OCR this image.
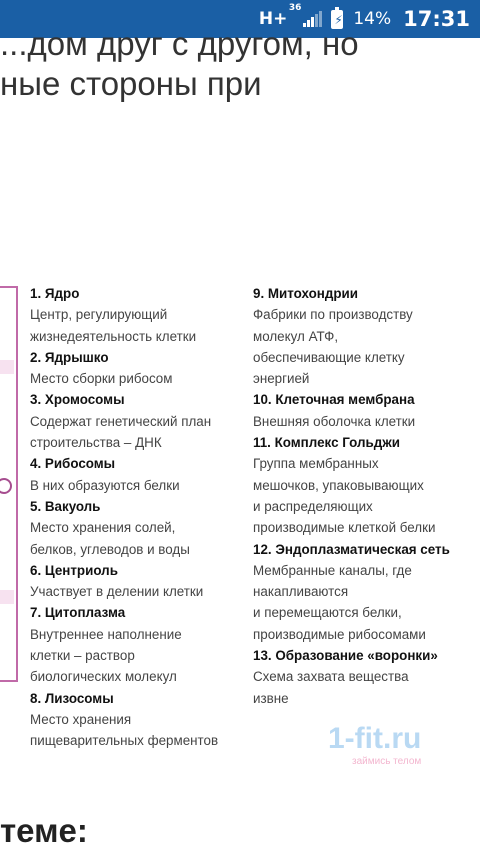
H+
36
⚡ 14% 17:31
...дом друг с другом, но
ные стороны при
1. Ядро
Центр, регулирующий
жизнедеятельность клетки
2. Ядрышко
Место сборки рибосом
3. Хромосомы
Содержат генетический план
строительства – ДНК
4. Рибосомы
В них образуются белки
5. Вакуоль
Место хранения солей,
белков, углеводов и воды
6. Центриоль
Участвует в делении клетки
7. Цитоплазма
Внутреннее наполнение
клетки – раствор
биологических молекул
8. Лизосомы
Место хранения
пищеварительных ферментов
9. Митохондрии
Фабрики по производству
молекул АТФ,
обеспечивающие клетку
энергией
10. Клеточная мембрана
Внешняя оболочка клетки
11. Комплекс Гольджи
Группа мембранных
мешочков, упаковывающих
и распределяющих
производимые клеткой белки
12. Эндоплазматическая сеть
Мембранные каналы, где
накапливаются
и перемещаются белки,
производимые рибосомами
13. Образование «воронки»
Схема захвата вещества
извне
1-fit.ru
займись телом
теме:
